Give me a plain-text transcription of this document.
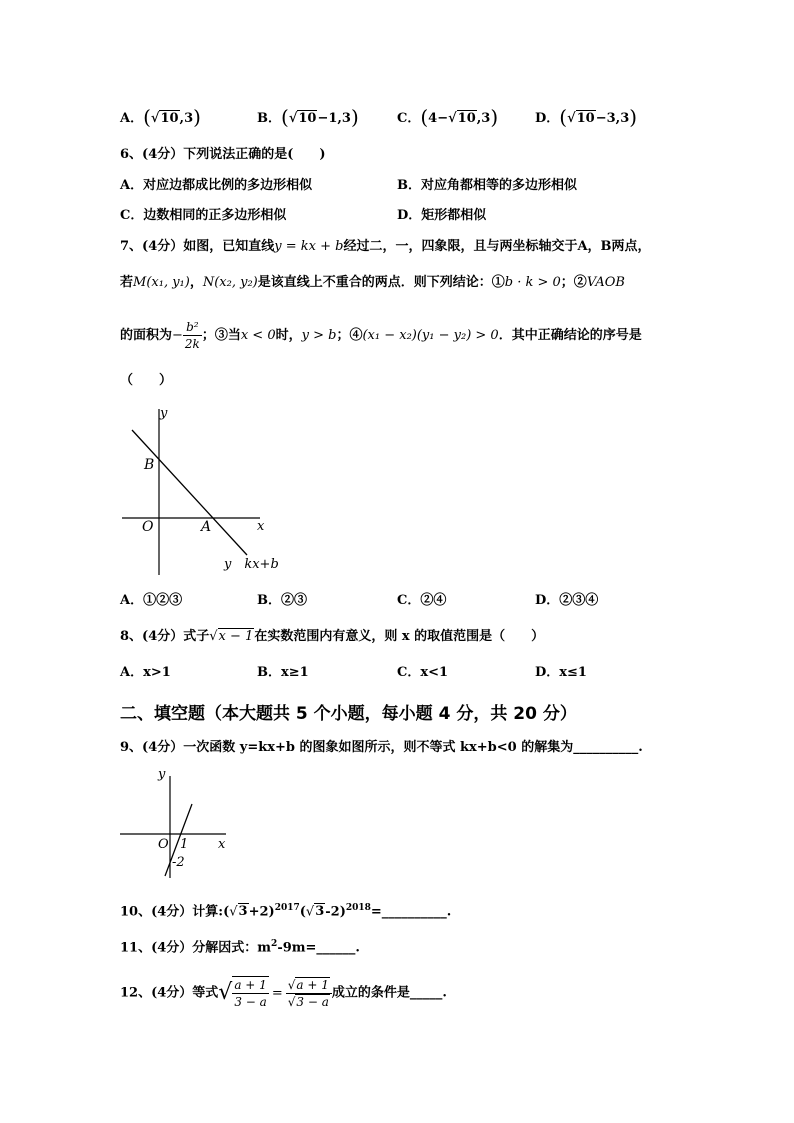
A．(√10,3)	B．(√10−1,3)	C．(4−√10,3)	D．(√10−3,3)
6、(4分）下列说法正确的是(　　)
A．对应边都成比例的多边形相似	B．对应角都相等的多边形相似
C．边数相同的正多边形相似	D．矩形都相似
7、(4分）如图，已知直线y = kx + b经过二，一，四象限，且与两坐标轴交于A，B两点，
若M(x₁, y₁)，N(x₂, y₂)是该直线上不重合的两点．则下列结论：①b · k > 0；②VAOB
的面积为− $\frac{\text{b²}}{2k}$ ；③当x < 0时，y > b；④(x₁ − x₂)(y₁ − y₂) > 0．其中正确结论的序号是
（　　）
y
x
B
O	A
y　kx+b
A．①②③	B．②③	C．②④	D．②③④
8、(4分）式子√x − 1在实数范围内有意义，则 x 的取值范围是（　　）
A．x>1	B．x≥1	C．x<1	D．x≤1
二、填空题（本大题共 5 个小题，每小题 4 分，共 20 分）
9、(4分）一次函数 y=kx+b 的图象如图所示，则不等式 kx+b<0 的解集为__________.
y
x
O 1
-2
10、(4分）计算$:(√3+2)^{2017}(√3-2)^{2018}=\_\_\_\_\_\_\_\_\_\_$.
11、(4分）分解因式：$m^2-9m=\_\_\_\_\_\_$.
12、(4分）等式√ $\frac{a + 1}{3 - a} = \frac{√a + 1}{√3 - a}$ 成立的条件是_____.
